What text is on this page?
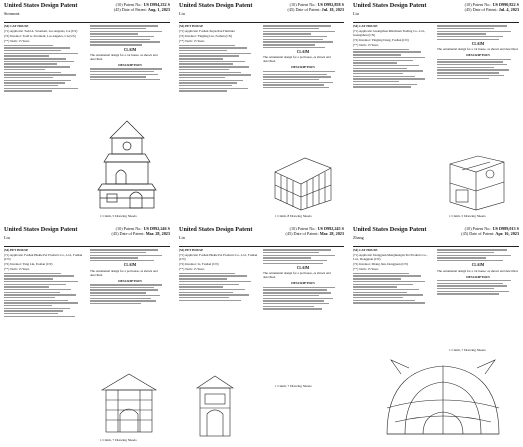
United States Design Patent
Stromont
(10) Patent No.: US D994,232 S
(45) Date of Patent: Aug. 1, 2023

(54) CAT HOUSE

(71) Applicant: Todd A. Stromont, Los Angeles, CA (US)

(72) Inventor: Todd A. Stromont, Los Angeles, CA (US)

(**) Term: 15 Years

CLAIM

The ornamental design for a cat house, as shown and described.

DESCRIPTION
1 Claim, 5 Drawing Sheets
United States Design Patent
Liu
(10) Patent No.: US D992,858 S
(45) Date of Patent: Jul. 18, 2023

(54) PET HOUSE

(71) Applicant: Foshan Xuyuchan Furniture

(72) Inventor: Yingting Liu, Foshan (CN)

(**) Term: 15 Years

CLAIM

The ornamental design for a pet house, as shown and described.

DESCRIPTION
1 Claim, 8 Drawing Sheets
United States Design Patent
Liu
(10) Patent No.: US D990,822 S
(45) Date of Patent: Jul. 4, 2023

(54) CAT HOUSE

(71) Applicant: Guangzhou Minchuan Trading Co., Ltd., Guangzhou (CN)

(72) Inventor: Yingting Dong, Foshan (CN)

(**) Term: 15 Years	CLAIM

The ornamental design for a cat house, as shown and described.

DESCRIPTION
1 Claim, 5 Drawing Sheets
United States Design Patent
Liu
(10) Patent No.: US D992,246 S
(45) Date of Patent: Mar. 28, 2023

(54) PET HOUSE

(71) Applicant: Foshan Huahe Pet Products Co., Ltd., Foshan (CN)

(72) Inventor: Yang Lin, Foshan (CN)

(**) Term: 15 Years

CLAIM

The ornamental design for a pet house, as shown and described.

DESCRIPTION
1 Claim, 7 Drawing Sheets
United States Design Patent
Lin
(10) Patent No.: US D992,245 S
(45) Date of Patent: Mar. 28, 2023

(54) PET HOUSE

(71) Applicant: Foshan Huahe Pet Products Co., Ltd., Foshan (CN)

(72) Inventor: Li, Foshan (CN)

(**) Term: 15 Years	CLAIM

The ornamental design for a pet house, as shown and described.

DESCRIPTION
1 Claim, 7 Drawing Sheets
United States Design Patent
Zhang
(10) Patent No.: US D989,013 S
(45) Date of Patent: Apr. 16, 2023

(54) CAT HOUSE

(71) Applicant: Dongguan Mengmengda Pet Products Co., Ltd., Dongguan (CN)

(72) Inventor: Zhang Jian, Dongguan (CN)

(**) Term: 15 Years

CLAIM

The ornamental design for a cat house, as shown and described.

DESCRIPTION
1 Claim, 7 Drawing Sheets
